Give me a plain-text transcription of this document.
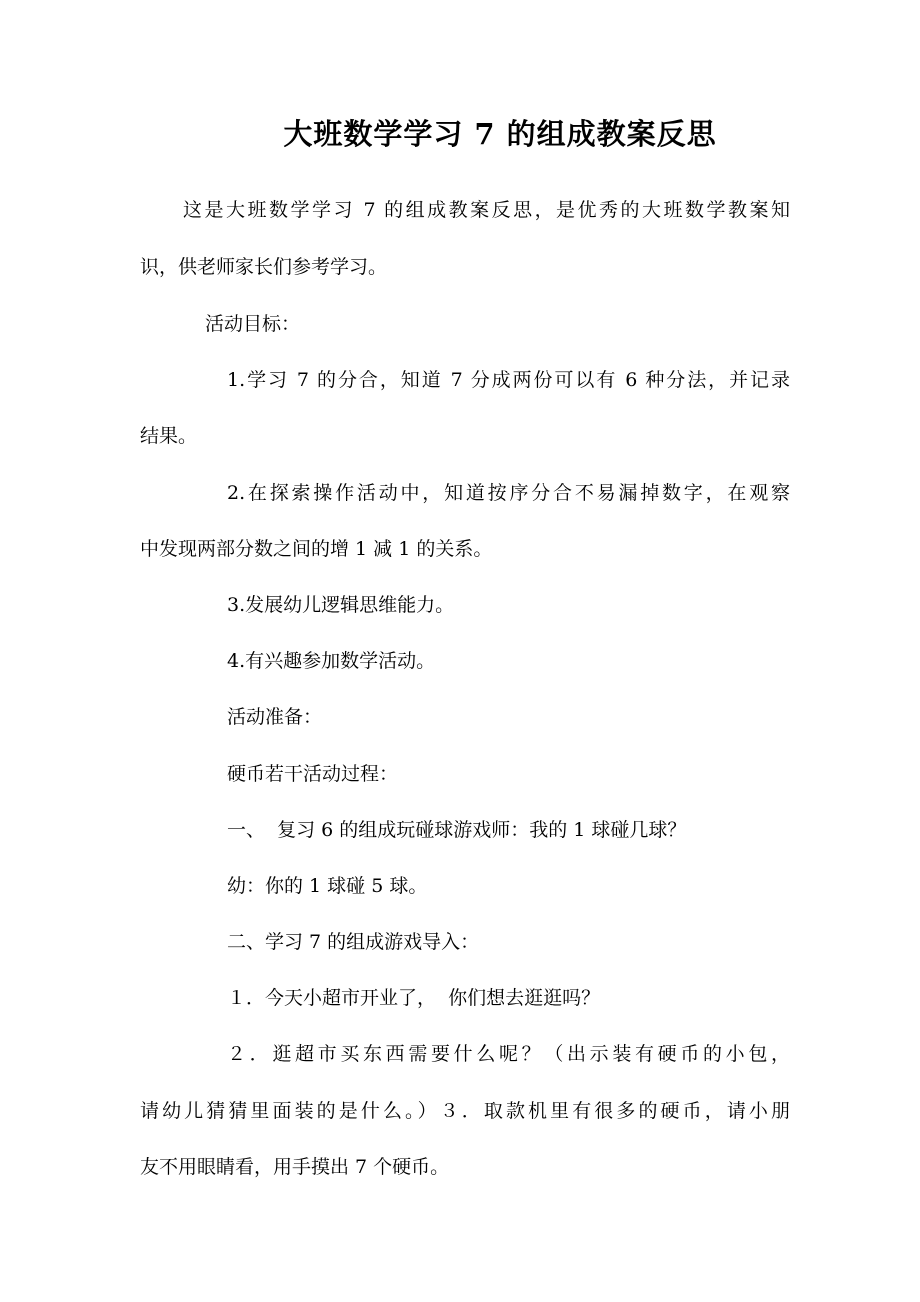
大班数学学习 7 的组成教案反思

这是大班数学学习 7 的组成教案反思，是优秀的大班数学教案知

识，供老师家长们参考学习。

活动目标：

1.学习 7 的分合，知道 7 分成两份可以有 6 种分法，并记录

结果。

2.在探索操作活动中，知道按序分合不易漏掉数字，在观察

中发现两部分数之间的增 1 减 1 的关系。

3.发展幼儿逻辑思维能力。

4.有兴趣参加数学活动。

活动准备：

硬币若干活动过程：

一、  复习 6 的组成玩碰球游戏师：我的 1 球碰几球？

幼：你的 1 球碰 5 球。

二、学习 7 的组成游戏导入：

１．今天小超市开业了，  你们想去逛逛吗？

２．逛超市买东西需要什么呢？（出示装有硬币的小包，

请幼儿猜猜里面装的是什么。）３．取款机里有很多的硬币，请小朋

友不用眼睛看，用手摸出 7 个硬币。
